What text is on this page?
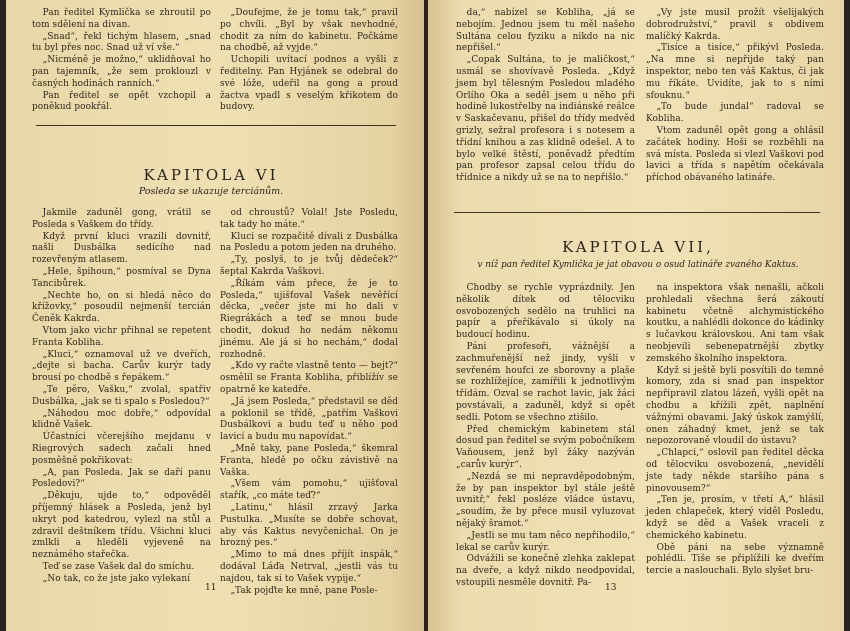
Pan ředitel Kymlička se zhroutil po tom sdělení na divan.

„Snad“, řekl tichým hlasem, „snad tu byl přes noc. Snad už ví vše.“

„Nicméně je možno,“ uklidňoval ho pan tajemník, „že sem proklouzl v časných hodinách ranních.“

Pan ředitel se opět vzchopil a poněkud pookřál.

„Doufejme, že je tomu tak,“ pravil po chvíli. „Byl by však nevhodné, chodit za ním do kabinetu. Počkáme na chodbě, až vyjde.“

Uchopili uvítací podnos a vyšli z ředitelny. Pan Hyjánek se odebral do své lóže, udeřil na gong a proud žactva vpadl s veselým křikotem do budovy.

KAPITOLA VI
Posleda se ukazuje terciánům.

Jakmile zaduněl gong, vrátil se Posleda s Vaškem do třídy.

Když první kluci vrazili dovnitř, našli Dusbálka sedícího nad rozevřeným atlasem.

„Hele, špihoun,“ posmíval se Dyna Tancibůrek.

„Nechte ho, on si hledá něco do křížovky,“ posoudil nejmenší tercián Čeněk Kakrda.

Vtom jako vichr přihnal se repetent Franta Kobliha.

„Kluci,“ oznamoval už ve dveřích, „dejte si bacha. Carův kurýr tady brousí po chodbě s řepákem.“

„Te pěro, Vašku,“ zvolal, spatřiv Dusbálka, „jak se ti spalo s Posledou?“

„Náhodou moc dobře,“ odpovídal klidně Vašek.

Účastníci včerejšího mejdanu v Riegrových sadech začali hned posměšně pokřikovat:

„A, pan Posleda. Jak se daří panu Posledovi?“

„Děkuju, ujde to,“ odpověděl příjemný hlásek a Posleda, jenž byl ukryt pod katedrou, vylezl na stůl a zdravil deštníkem třídu. Všichni kluci zmlkli a hleděli vyjeveně na neznámého stařečka.

Teď se zase Vašek dal do smíchu.

„No tak, co že jste jako vylekaní

od chroustů? Volal! Jste Posledu, tak tady ho máte.“

Kluci se rozpačitě dívali z Dusbálka na Posledu a potom jeden na druhého.

„Ty, poslyš, to je tvůj dědeček?“ šeptal Kakrda Vaškovi.

„Říkám vám přece, že je to Posleda,“ ujišťoval Vašek nevěřící děcka, „večer jste mi ho dali v Riegrákách a teď se mnou bude chodit, dokud ho nedám někomu jinému. Ale já si ho nechám,“ dodal rozhodně.

„Kdo vy račte vlastně tento — bejt?“ osmělil se Franta Kobliha, přiblížív se opatrně ke katedře.

„Já jsem Posleda,“ představil se děd a poklonil se třídě, „patřím Vaškovi Dusbálkovi a budu teď u něho pod lavicí a budu mu napovídat.“

„Mně taky, pane Posleda,“ škemral Franta, hledě po očku závistivě na Vaška.

„Všem vám pomohu,“ ujišťoval stařík, „co máte teď?“

„Latinu,“ hlásil zrzavý Jarka Pustulka. „Musíte se dobře schovat, aby vás Kaktus nevyčenichal. On je hrozný pes.“

„Mimo to má dnes příjít inspák,“ dodával Láďa Netrval, „jestli vás tu najdou, tak si to Vašek vypije.“

„Tak pojďte ke mně, pane Posle-

11

da,“ nabízel se Kobliha, „já se nebojím. Jednou jsem tu měl našeho Sultána celou fyziku a nikdo na nic nepřišel.“

„Copak Sultána, to je maličkost,“ usmál se shovívavě Posleda. „Když jsem byl tělesným Posledou mladého Orlího Oka a seděl jsem u něho při hodině lukostřelby na indiánské reálce v Saskačevanu, přišel do třídy medvěd grizly, sežral profesora i s notesem a třídní knihou a zas klidně odešel. A to bylo velké štěstí, poněvadž předtím pan profesor zapsal celou třídu do třídnice a nikdy už se na to nepřišlo.“

„Vy jste musil prožít všelijakých dobrodružství,“ pravil s obdivem malíčký Kakrda.

„Tisíce a tisíce,“ přikývl Posleda. „Na mne si nepřijde taký pan inspektor, nebo ten váš Kaktus, či jak mu říkáte. Uvidíte, jak to s ními sfouknu.“

„To bude jundal“ radoval se Kobliha.

Vtom zaduněl opět gong a ohlásil začátek hodiny. Hoši se rozběhli na svá místa. Posleda si vlezl Vaškovi pod lavici a třída s napětím očekávala příchod obávaného latináře.

KAPITOLA VII,
v níž pan ředitel Kymlička je jat obavou o osud latináře zvaného Kaktus.

Chodby se rychle vyprázdnily. Jen několik dítek od tělocviku osvobozených sedělo na truhlici na papír a přeříkávalo si úkoly na budoucí hodinu.

Páni profesoři, vážnější a zachmuřenější než jindy, vyšli v sevřeném houfci ze sborovny a plaše se rozhlížejíce, zamířili k jednotlivým třídám. Ozval se rachot lavic, jak žáci povstávali, a zaduněl, když si opět sedli. Potom se všechno ztišilo.

Před chemickým kabinetem stál dosud pan ředitel se svým pobočníkem Vaňousem, jenž byl žáky nazýván „carův kurýr“.

„Nezdá se mi nepravděpodobným, že by pan inspektor byl stále ještě uvnitř,“ řekl posléze vládce ústavu, „soudím, že by přece musil vyluzovat nějaký šramot.“

„Jestli se mu tam něco nepřihodilo,“ lekal se carův kurýr.

Odvážili se konečně zlehka zaklepat na dveře, a když nikdo neodpovídal, vstoupili nesměle dovnitř. Pa-

na inspektora však nenašli, ačkoli prohledali všechna šerá zákoutí kabinetu včetně alchymistického koutku, a nahlédli dokonce do kádinky s lučavkou královskou. Ani tam však neobjevili sebenepatrnější zbytky zemského školního inspektora.

Když si ještě byli posvítili do temné komory, zda si snad pan inspektor nepřipravil zlatou lázeň, vyšli opět na chodbu a křížili zpět, naplnění vážnými obavami. Jaký úskok zamýšlí, onen záhadný kmet, jenž se tak nepozorovaně vloudil do ústavu?

„Chlapci,“ oslovil pan ředitel děcka od tělocviku osvobozená, „nevidělí jste tady někde staršího pána s pinovousem?“

„Ten je, prosím, v třetí A,“ hlásil jeden chlapeček, který viděl Posledu, když se děd a Vašek vraceli z chemického kabinetu.

Obě páni na sebe významně pohlédli. Tiše se připlížili ke dveřím tercie a naslouchali. Bylo slyšet bru-

13
